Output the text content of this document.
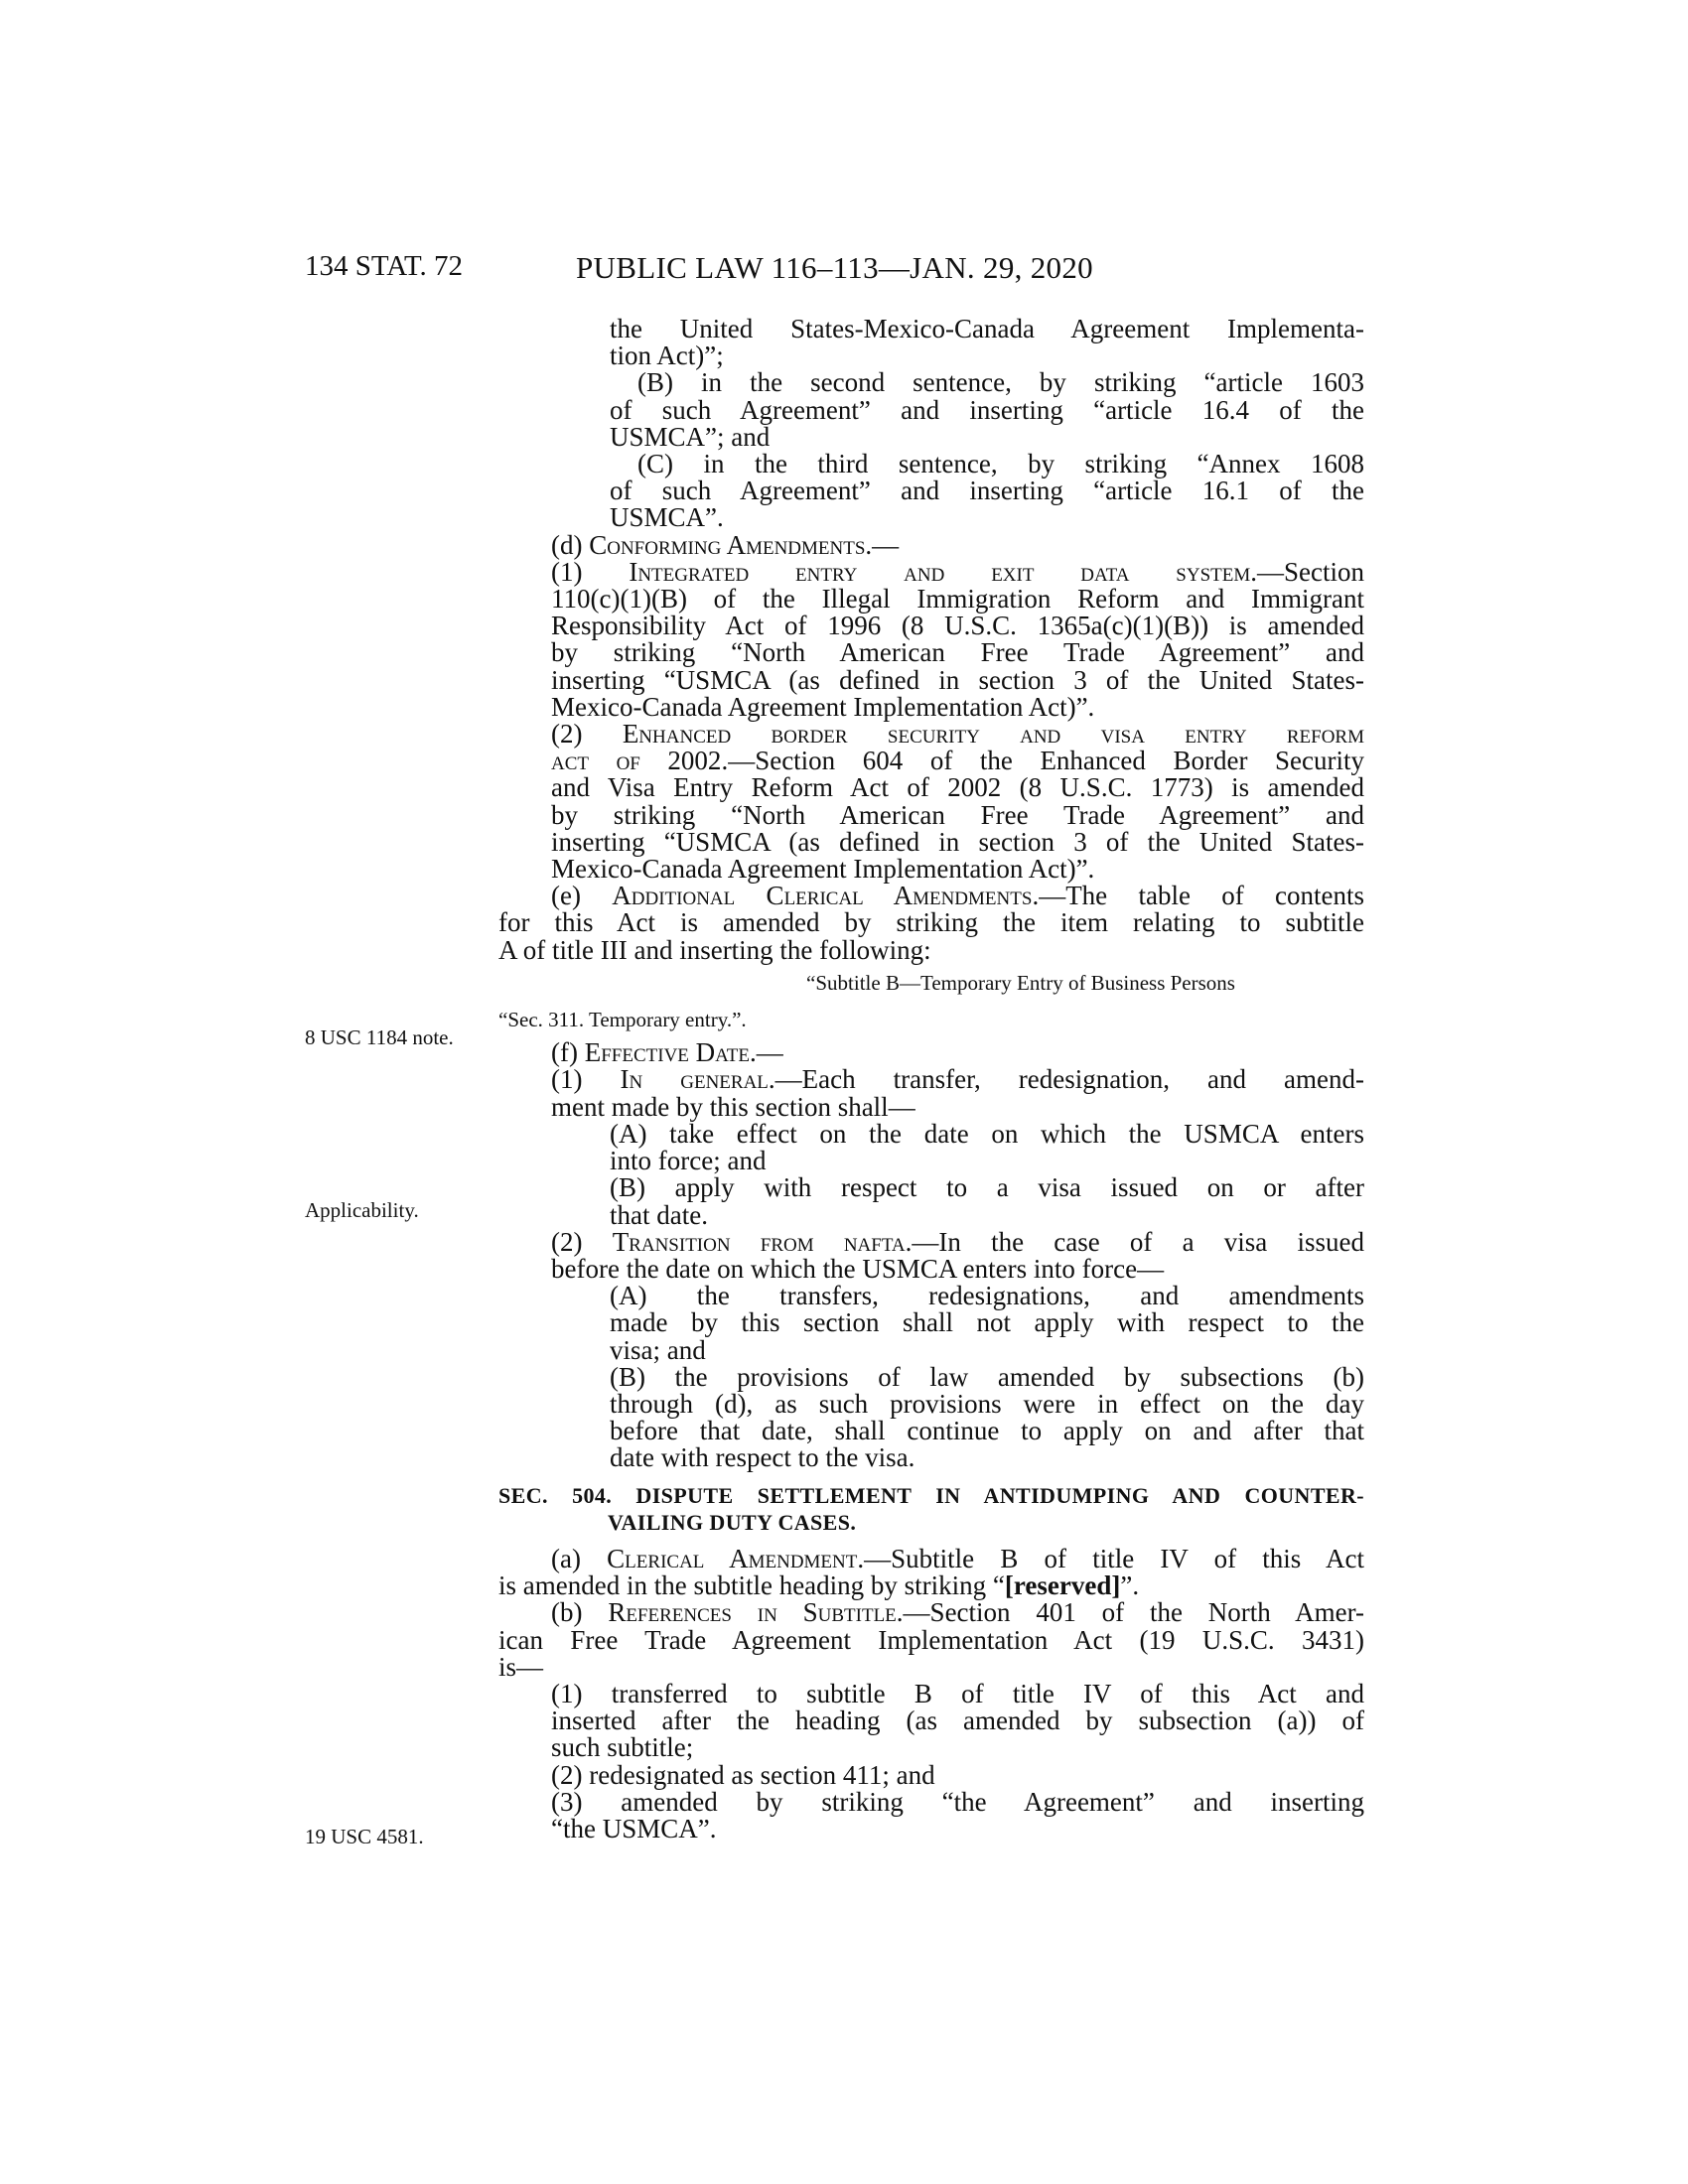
134 STAT. 72	PUBLIC LAW 116–113—JAN. 29, 2020
8 USC 1184 note.
Applicability.
19 USC 4581.
the United States-Mexico-Canada Agreement Implementa-
tion Act)”;
(B) in the second sentence, by striking “article 1603
of such Agreement” and inserting “article 16.4 of the
USMCA”; and
(C) in the third sentence, by striking “Annex 1608
of such Agreement” and inserting “article 16.1 of the
USMCA”.
(d) Conforming Amendments.—
(1) Integrated entry and exit data system.—Section
110(c)(1)(B) of the Illegal Immigration Reform and Immigrant
Responsibility Act of 1996 (8 U.S.C. 1365a(c)(1)(B)) is amended
by striking “North American Free Trade Agreement” and
inserting “USMCA (as defined in section 3 of the United States-
Mexico-Canada Agreement Implementation Act)”.
(2) Enhanced border security and visa entry reform
act of 2002.—Section 604 of the Enhanced Border Security
and Visa Entry Reform Act of 2002 (8 U.S.C. 1773) is amended
by striking “North American Free Trade Agreement” and
inserting “USMCA (as defined in section 3 of the United States-
Mexico-Canada Agreement Implementation Act)”.
(e) Additional Clerical Amendments.—The table of contents
for this Act is amended by striking the item relating to subtitle
A of title III and inserting the following:
“Subtitle B—Temporary Entry of Business Persons
“Sec. 311. Temporary entry.”.
(f) Effective Date.—
(1) In general.—Each transfer, redesignation, and amend-
ment made by this section shall—
(A) take effect on the date on which the USMCA enters
into force; and
(B) apply with respect to a visa issued on or after
that date.
(2) Transition from nafta.—In the case of a visa issued
before the date on which the USMCA enters into force—
(A) the transfers, redesignations, and amendments
made by this section shall not apply with respect to the
visa; and
(B) the provisions of law amended by subsections (b)
through (d), as such provisions were in effect on the day
before that date, shall continue to apply on and after that
date with respect to the visa.
SEC. 504. DISPUTE SETTLEMENT IN ANTIDUMPING AND COUNTER-
VAILING DUTY CASES.
(a) Clerical Amendment.—Subtitle B of title IV of this Act
is amended in the subtitle heading by striking “[reserved]”.
(b) References in Subtitle.—Section 401 of the North Amer-
ican Free Trade Agreement Implementation Act (19 U.S.C. 3431)
is—
(1) transferred to subtitle B of title IV of this Act and
inserted after the heading (as amended by subsection (a)) of
such subtitle;
(2) redesignated as section 411; and
(3) amended by striking “the Agreement” and inserting
“the USMCA”.
